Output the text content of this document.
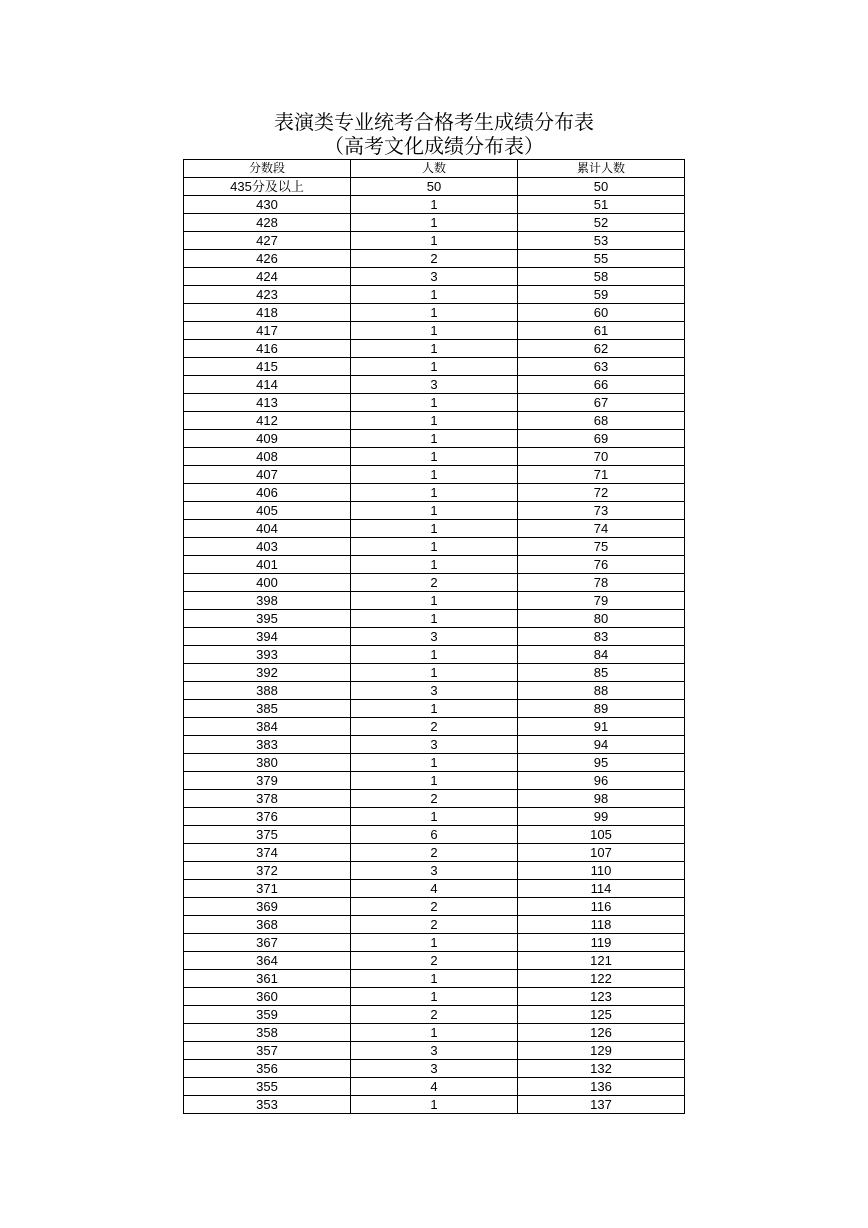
表演类专业统考合格考生成绩分布表
（高考文化成绩分布表）
分数段	人数	累计人数
435分及以上	50	50
430	1	51
428	1	52
427	1	53
426	2	55
424	3	58
423	1	59
418	1	60
417	1	61
416	1	62
415	1	63
414	3	66
413	1	67
412	1	68
409	1	69
408	1	70
407	1	71
406	1	72
405	1	73
404	1	74
403	1	75
401	1	76
400	2	78
398	1	79
395	1	80
394	3	83
393	1	84
392	1	85
388	3	88
385	1	89
384	2	91
383	3	94
380	1	95
379	1	96
378	2	98
376	1	99
375	6	105
374	2	107
372	3	110
371	4	114
369	2	116
368	2	118
367	1	119
364	2	121
361	1	122
360	1	123
359	2	125
358	1	126
357	3	129
356	3	132
355	4	136
353	1	137
